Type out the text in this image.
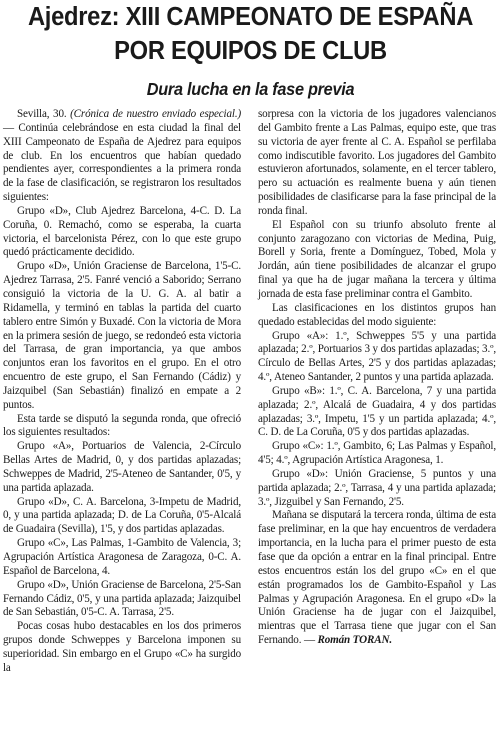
Ajedrez: XIII CAMPEONATO DE ESPAÑA
POR EQUIPOS DE CLUB
Dura lucha en la fase previa

Sevilla, 30. (Crónica de nuestro enviado especial.) — Continúa celebrándose en esta ciudad la final del XIII Campeonato de España de Ajedrez para equipos de club. En los encuentros que habían quedado pendientes ayer, correspondientes a la primera ronda de la fase de clasificación, se registraron los resultados siguientes:

Grupo «D», Club Ajedrez Barcelona, 4-C. D. La Coruña, 0. Remachó, como se esperaba, la cuarta victoria, el barcelonista Pérez, con lo que este grupo quedó prácticamente decidido.

Grupo «D», Unión Graciense de Barcelona, 1'5-C. Ajedrez Tarrasa, 2'5. Fanré venció a Saborido; Serrano consiguió la victoria de la U. G. A. al batir a Ridamella, y terminó en tablas la partida del cuarto tablero entre Simón y Buxadé. Con la victoria de Mora en la primera sesión de juego, se redondeó esta victoria del Tarrasa, de gran importancia, ya que ambos conjuntos eran los favoritos en el grupo. En el otro encuentro de este grupo, el San Fernando (Cádiz) y Jaizquibel (San Sebastián) finalizó en empate a 2 puntos.

Esta tarde se disputó la segunda ronda, que ofreció los siguientes resultados:

Grupo «A», Portuarios de Valencia, 2-Círculo Bellas Artes de Madrid, 0, y dos partidas aplazadas; Schweppes de Madrid, 2'5-Ateneo de Santander, 0'5, y una partida aplazada.

Grupo «D», C. A. Barcelona, 3-Impetu de Madrid, 0, y una partida aplazada; D. de La Coruña, 0'5-Alcalá de Guadaira (Sevilla), 1'5, y dos partidas aplazadas.

Grupo «C», Las Palmas, 1-Gambito de Valencia, 3; Agrupación Artística Aragonesa de Zaragoza, 0-C. A. Español de Barcelona, 4.

Grupo «D», Unión Graciense de Barcelona, 2'5-San Fernando Cádiz, 0'5, y una partida aplazada; Jaizquibel de San Sebastián, 0'5-C. A. Tarrasa, 2'5.

Pocas cosas hubo destacables en los dos primeros grupos donde Schweppes y Barcelona imponen su superioridad. Sin embargo en el Grupo «C» ha surgido la

sorpresa con la victoria de los jugadores valencianos del Gambito frente a Las Palmas, equipo este, que tras su victoria de ayer frente al C. A. Español se perfilaba como indiscutible favorito. Los jugadores del Gambito estuvieron afortunados, solamente, en el tercer tablero, pero su actuación es realmente buena y aún tienen posibilidades de clasificarse para la fase principal de la ronda final.

El Español con su triunfo absoluto frente al conjunto zaragozano con victorias de Medina, Puig, Borell y Soria, frente a Domínguez, Tobed, Mola y Jordán, aún tiene posibilidades de alcanzar el grupo final ya que ha de jugar mañana la tercera y última jornada de esta fase preliminar contra el Gambito.

Las clasificaciones en los distintos grupos han quedado establecidas del modo siguiente:

Grupo «A»: 1.º, Schweppes 5'5 y una partida aplazada; 2.º, Portuarios 3 y dos partidas aplazadas; 3.º, Círculo de Bellas Artes, 2'5 y dos partidas aplazadas; 4.º, Ateneo Santander, 2 puntos y una partida aplazada.

Grupo «B»: 1.º, C. A. Barcelona, 7 y una partida aplazada; 2.º, Alcalá de Guadaira, 4 y dos partidas aplazadas; 3.º, Impetu, 1'5 y un partida aplazada; 4.º, C. D. de La Coruña, 0'5 y dos partidas aplazadas.

Grupo «C»: 1.º, Gambito, 6; Las Palmas y Español, 4'5; 4.º, Agrupación Artística Aragonesa, 1.

Grupo «D»: Unión Graciense, 5 puntos y una partida aplazada; 2.º, Tarrasa, 4 y una partida aplazada; 3.º, Jizguibel y San Fernando, 2'5.

Mañana se disputará la tercera ronda, última de esta fase preliminar, en la que hay encuentros de verdadera importancia, en la lucha para el primer puesto de esta fase que da opción a entrar en la final principal. Entre estos encuentros están los del grupo «C» en el que están programados los de Gambito-Español y Las Palmas y Agrupación Aragonesa. En el grupo «D» la Unión Graciense ha de jugar con el Jaizquibel, mientras que el Tarrasa tiene que jugar con el San Fernando. — Román TORAN.
